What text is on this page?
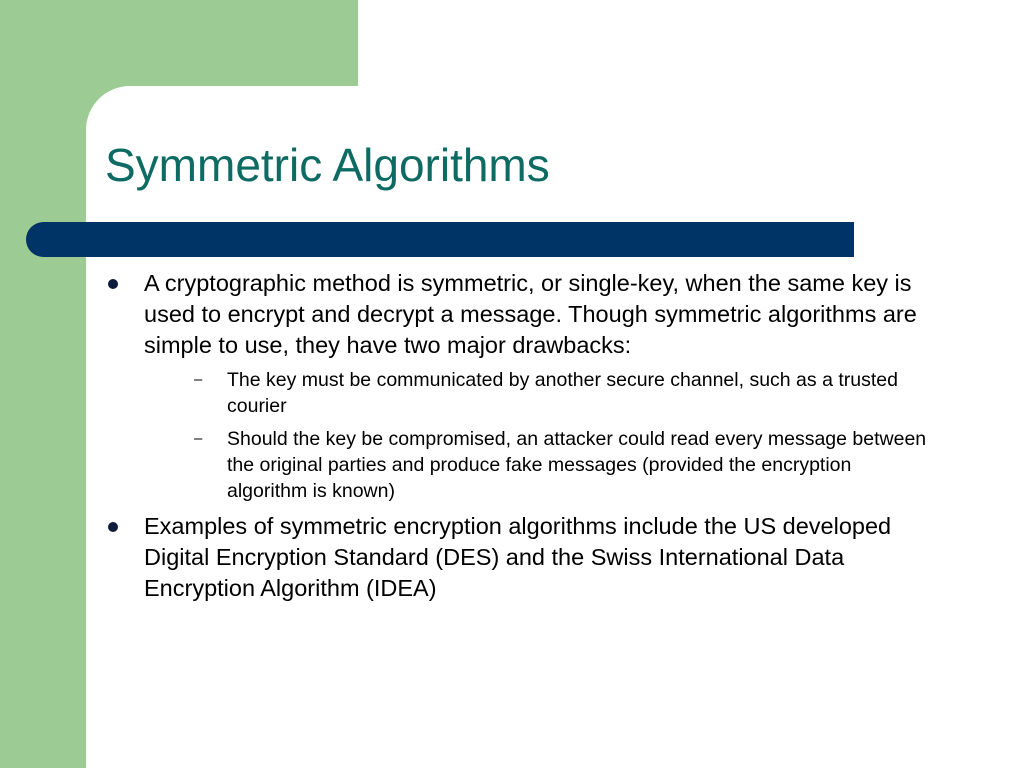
Symmetric Algorithms
A cryptographic method is symmetric, or single-key, when the same key is used to encrypt and decrypt a message. Though symmetric algorithms are simple to use, they have two major drawbacks:
– The key must be communicated by another secure channel, such as a trusted courier
– Should the key be compromised, an attacker could read every message between the original parties and produce fake messages (provided the encryption algorithm is known)
Examples of symmetric encryption algorithms include the US developed Digital Encryption Standard (DES) and the Swiss International Data Encryption Algorithm (IDEA)
